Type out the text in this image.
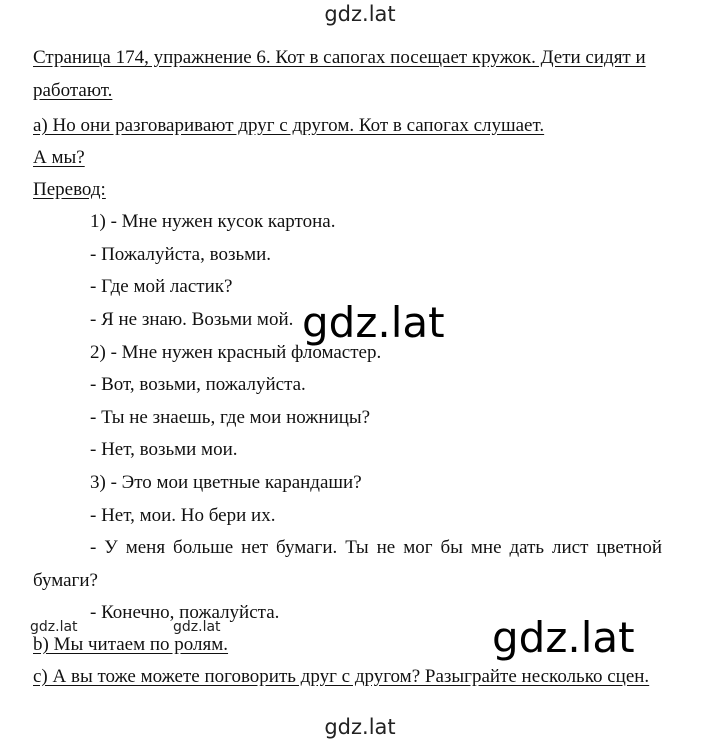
gdz.lat
Страница 174, упражнение 6. Кот в сапогах посещает кружок. Дети сидят и
работают.
a) Но они разговаривают друг с другом. Кот в сапогах слушает.
А мы?
Перевод:
1) - Мне нужен кусок картона.
- Пожалуйста, возьми.
- Где мой ластик?
- Я не знаю. Возьми мой.
2) - Мне нужен красный фломастер.
- Вот, возьми, пожалуйста.
- Ты не знаешь, где мои ножницы?
- Нет, возьми мои.
3) - Это мои цветные карандаши?
- Нет, мои. Но бери их.
- У меня больше нет бумаги. Ты не мог бы мне дать лист цветной
бумаги?
- Конечно, пожалуйста.
b) Мы читаем по ролям.
c) А вы тоже можете поговорить друг с другом? Разыграйте несколько сцен.
gdz.lat
gdz.lat
gdz.lat	gdz.lat
gdz.lat
